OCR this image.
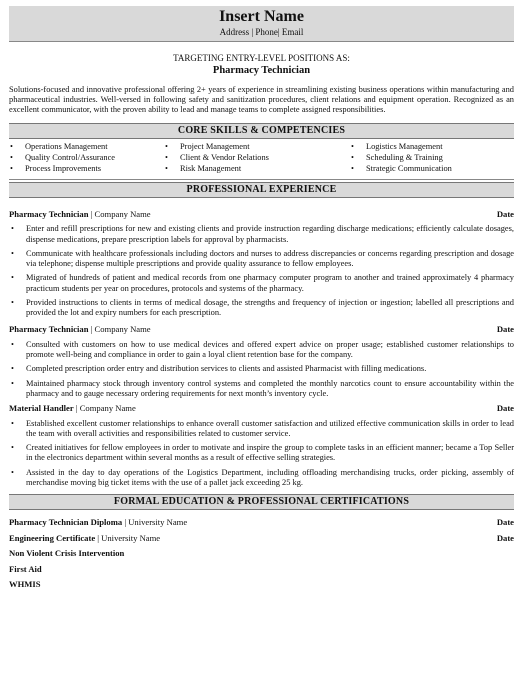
Insert Name
Address | Phone| Email
TARGETING ENTRY-LEVEL POSITIONS AS:
Pharmacy Technician

Solutions-focused and innovative professional offering 2+ years of experience in streamlining existing business operations within manufacturing and pharmaceutical industries. Well-versed in following safety and sanitization procedures, client relations and equipment operation. Recognized as an excellent communicator, with the proven ability to lead and manage teams to complete assigned responsibilities.

CORE SKILLS & COMPETENCIES
• Operations Management
• Quality Control/Assurance
• Process Improvements
• Project Management
• Client & Vendor Relations
• Risk Management
• Logistics Management
• Scheduling & Training
• Strategic Communication
PROFESSIONAL EXPERIENCE
Pharmacy Technician | Company Name	Date
• Enter and refill prescriptions for new and existing clients and provide instruction regarding discharge medications; efficiently calculate dosages, dispense medications, prepare prescription labels for approval by pharmacists.
• Communicate with healthcare professionals including doctors and nurses to address discrepancies or concerns regarding prescription and dosage via telephone; dispense multiple prescriptions and provide quality assurance to fellow employees.
• Migrated of hundreds of patient and medical records from one pharmacy computer program to another and trained approximately 4 pharmacy practicum students per year on procedures, protocols and systems of the pharmacy.
• Provided instructions to clients in terms of medical dosage, the strengths and frequency of injection or ingestion; labelled all prescriptions and provided the lot and expiry numbers for each prescription.
Pharmacy Technician | Company Name	Date
• Consulted with customers on how to use medical devices and offered expert advice on proper usage; established customer relationships to promote well-being and compliance in order to gain a loyal client retention base for the company.
• Completed prescription order entry and distribution services to clients and assisted Pharmacist with filling medications.
• Maintained pharmacy stock through inventory control systems and completed the monthly narcotics count to ensure accountability within the pharmacy and to gauge necessary ordering requirements for next month’s inventory cycle.
Material Handler | Company Name	Date
• Established excellent customer relationships to enhance overall customer satisfaction and utilized effective communication skills in order to lead the team with overall activities and responsibilities related to customer service.
• Created initiatives for fellow employees in order to motivate and inspire the group to complete tasks in an efficient manner; became a Top Seller in the electronics department within several months as a result of effective selling strategies.
• Assisted in the day to day operations of the Logistics Department, including offloading merchandising trucks, order picking, assembly of merchandise moving big ticket items with the use of a pallet jack exceeding 25 kg.
FORMAL EDUCATION & PROFESSIONAL CERTIFICATIONS
Pharmacy Technician Diploma | University Name	Date
Engineering Certificate | University Name	Date
Non Violent Crisis Intervention
First Aid
WHMIS
